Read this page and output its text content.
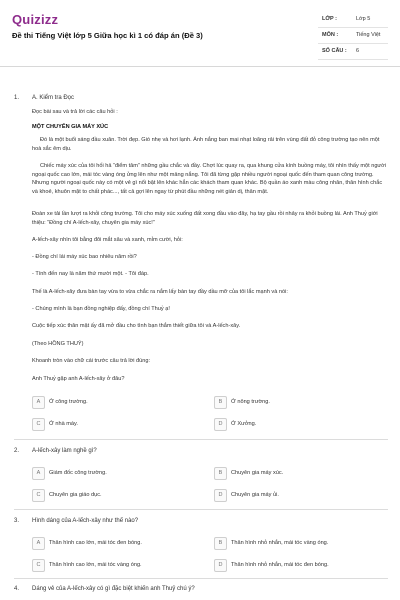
Quizizz
Đề thi Tiếng Việt lớp 5 Giữa học kì 1 có đáp án (Đề 3)
LỚP :	Lớp 5
MÔN :	Tiếng Việt
SỐ CÂU : 6
1. A. Kiểm tra Đọc
Đọc bài sau và trả lời các câu hỏi :
MỘT CHUYÊN GIA MÁY XÚC
Đó là một buổi sáng đầu xuân. Trời đẹp. Gió nhẹ và hơi lạnh. Ánh nắng ban mai nhạt loãng rải trên vùng đất đỏ công trường tạo nên một hoà sắc êm dịu.
Chiếc máy xúc của tôi hối hả “điểm tâm” những gầu chắc và đầy. Chợt lúc quay ra, qua khung cửa kính buồng máy, tôi nhìn thấy một người ngoại quốc cao lớn, mái tóc vàng óng ửng lên như một mảng nắng. Tôi đã từng gặp nhiều người ngoại quốc đến tham quan công trường. Nhưng người ngoại quốc này có một vẻ gì nổi bật lên khác hẳn các khách tham quan khác. Bộ quần áo xanh màu công nhân, thân hình chắc và khoẻ, khuôn mặt to chất phác..., tất cả gợi lên ngay từ phút đầu những nét giản dị, thân mật.
Đoàn xe tải lần lượt ra khỏi công trường. Tôi cho máy xúc xuống đất xong đầu vào đây, hạ tay gầu rồi nhảy ra khỏi buồng lái. Anh Thuỷ giới thiệu: “Đồng chí A-lếch-xây, chuyên gia máy xúc!”
A-lếch-xây nhìn tôi bằng đôi mắt sâu và xanh, mỉm cười, hỏi:
- Đồng chí lái máy xúc bao nhiêu năm rồi?
- Tính đến nay là năm thứ mười một. - Tôi đáp.
Thế là A-lếch-xây đưa bàn tay vừa to vừa chắc ra nắm lấy bàn tay đầy dầu mỡ của tôi lắc mạnh và nói:
- Chúng mình là bạn đồng nghiệp đấy, đồng chí Thuỷ ạ!
Cuộc tiếp xúc thân mật ấy đã mở đầu cho tình bạn thắm thiết giữa tôi và A-lếch-xây.
(Theo HỒNG THUỶ)
Khoanh tròn vào chữ cái trước câu trả lời đúng:
Anh Thuỷ gặp anh A-lếch-xây ở đâu?
A	Ở công trường.	B	Ở nông trường.
C	Ở nhà máy.	D	Ở Xưởng.
2. A-lếch-xây làm nghề gì?
A	Giám đốc công trường.	B	Chuyên gia máy xúc.
C	Chuyên gia giáo dục.	D	Chuyên gia máy ủi.
3. Hình dáng của A-lếch-xây như thế nào?
A	Thân hình cao lớn, mái tóc đen bóng.	B	Thân hình nhỏ nhắn, mái tóc vàng óng.
C	Thân hình cao lớn, mái tóc vàng óng.	D	Thân hình nhỏ nhắn, mái tóc đen bóng.
4. Dáng vẻ của A-lếch-xây có gì đặc biệt khiến anh Thuỷ chú ý?
